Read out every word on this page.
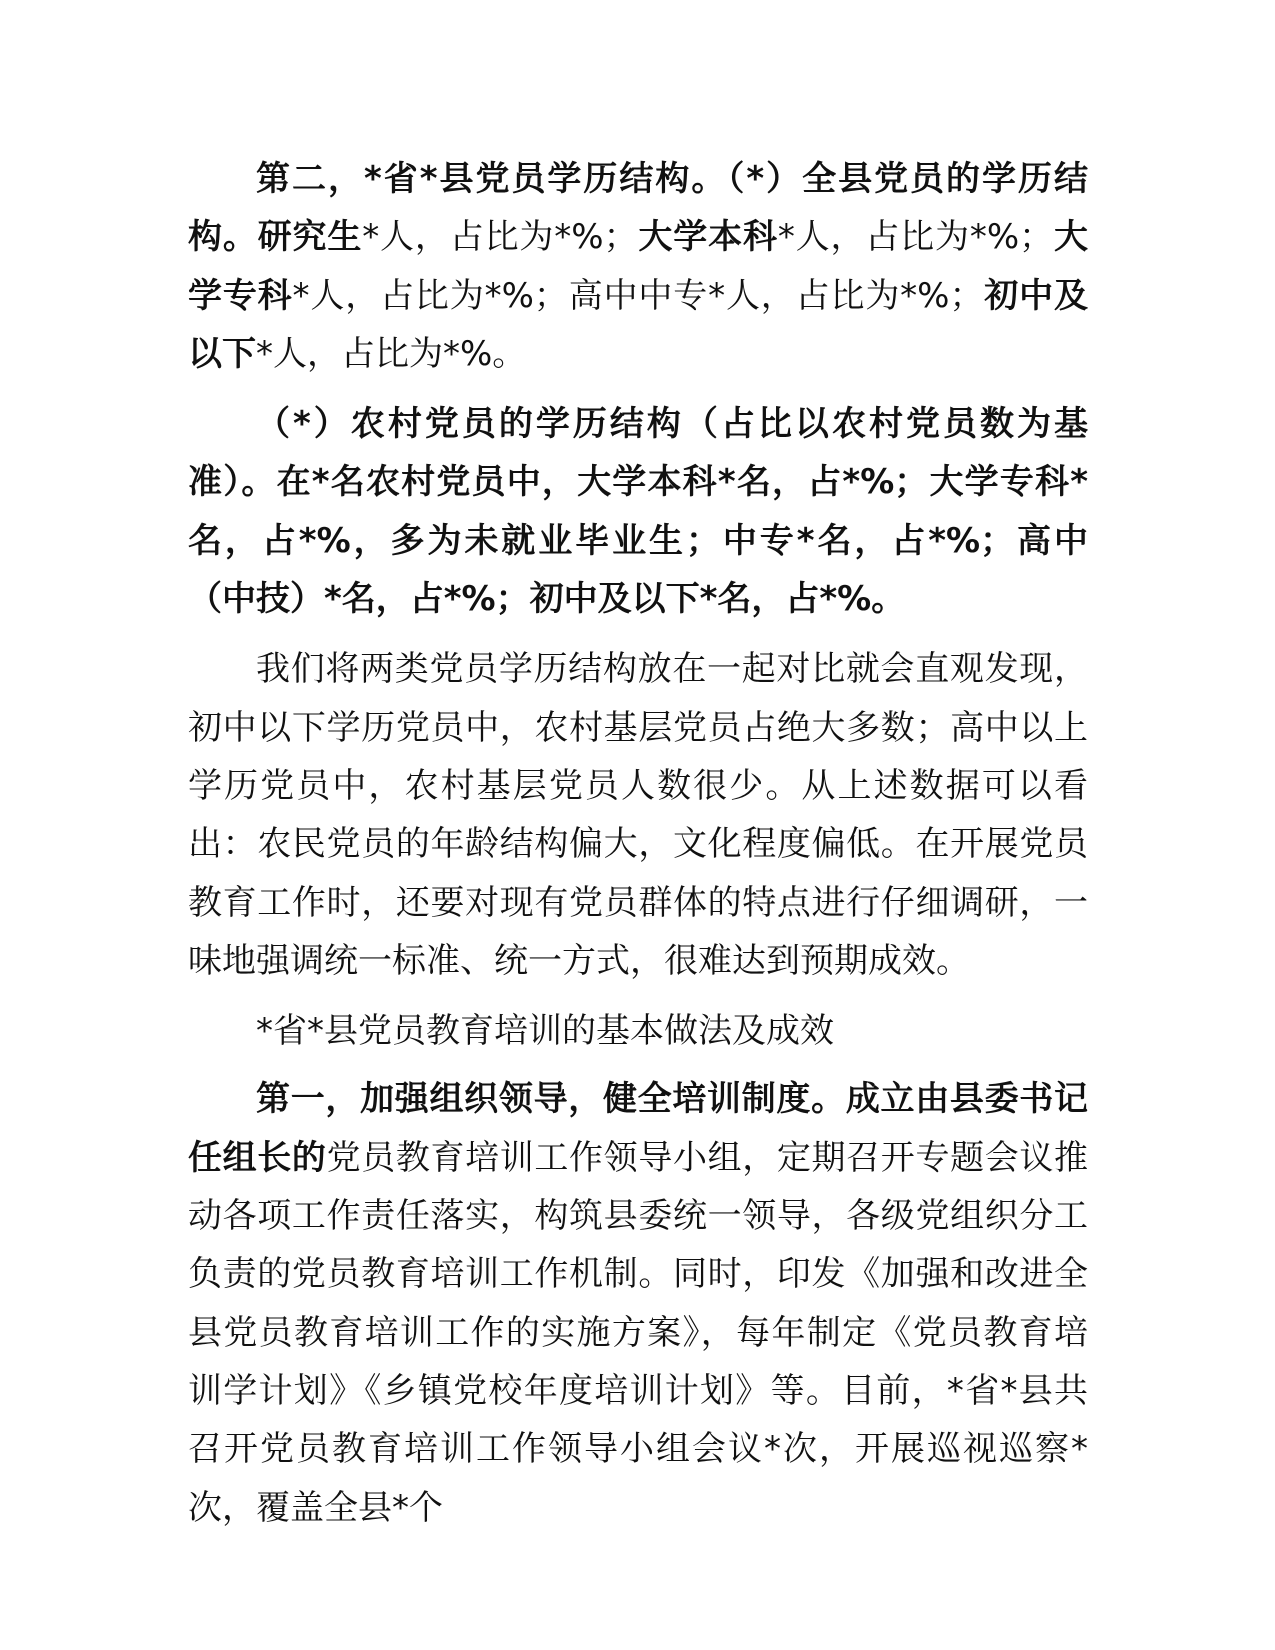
第二，*省*县党员学历结构。（*）全县党员的学历结构。研究生*人，占比为*%；大学本科*人，占比为*%；大学专科*人，占比为*%；高中中专*人，占比为*%；初中及以下*人，占比为*%。

（*）农村党员的学历结构（占比以农村党员数为基准）。在*名农村党员中，大学本科*名，占*%；大学专科*名，占*%，多为未就业毕业生；中专*名，占*%；高中（中技）*名，占*%；初中及以下*名，占*%。

我们将两类党员学历结构放在一起对比就会直观发现，初中以下学历党员中，农村基层党员占绝大多数；高中以上学历党员中，农村基层党员人数很少。从上述数据可以看出：农民党员的年龄结构偏大，文化程度偏低。在开展党员教育工作时，还要对现有党员群体的特点进行仔细调研，一味地强调统一标准、统一方式，很难达到预期成效。

*省*县党员教育培训的基本做法及成效

第一，加强组织领导，健全培训制度。成立由县委书记任组长的党员教育培训工作领导小组，定期召开专题会议推动各项工作责任落实，构筑县委统一领导，各级党组织分工负责的党员教育培训工作机制。同时，印发《加强和改进全县党员教育培训工作的实施方案》，每年制定《党员教育培训学计划》《乡镇党校年度培训计划》等。目前，*省*县共召开党员教育培训工作领导小组会议*次，开展巡视巡察*次，覆盖全县*个
